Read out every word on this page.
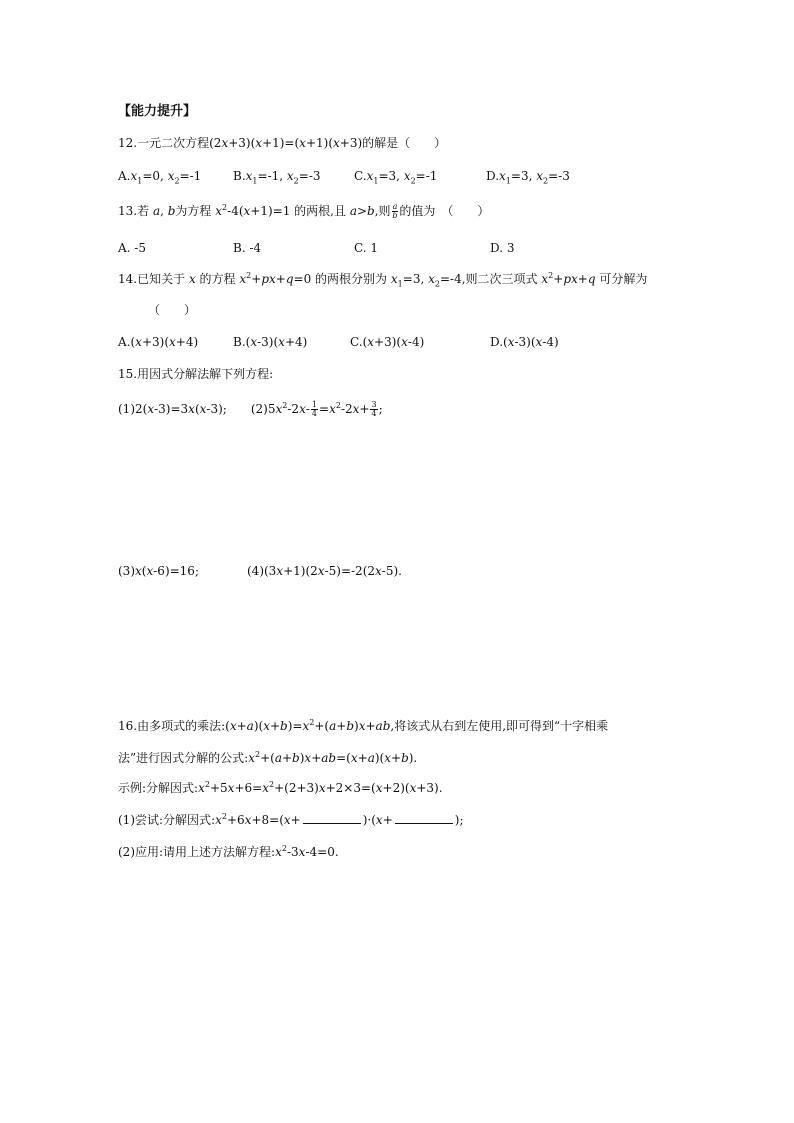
【能力提升】
12.一元二次方程(2x+3)(x+1)=(x+1)(x+3)的解是（　　）
$A.x_1=0$, $x_2=-1$	$B.x_1=-1$, $x_2=-3$	$C.x_1=3$, $x_2=-1$	$D.x_1=3$, $x_2=-3$
13.若 a, b为方程 $x^2-4(x+1)=1$ 的两根,且 a>b,则 $\frac{a}{b}$ 的值为　（　　）
A. -5	B. -4	C. 1	D. 3
14.已知关于 x 的方程 $x^2+px+q=0$ 的两根分别为 $x_1=3$, $x_2=-4$,则二次三项式 $x^2+px+q$ 可分解为
（　　）
A.(x+3)(x+4)	B.(x-3)(x+4)	C.(x+3)(x-4)	D.(x-3)(x-4)
15.用因式分解法解下列方程:
(1)2(x-3)=3x(x-3);　　$(2)5x^2-2x- \frac{1}{4} =x^2-2x+ \frac{3}{4}$ ;
(3)x(x-6)=16;　　　　(4)(3x+1)(2x-5)=-2(2x-5).
16.由多项式的乘法$:(x+a)(x+b)=x^2+(a+b)x+ab$,将该式从右到左使用,即可得到“十字相乘
法”进行因式分解的公式$:x^2+(a+b)x+ab=(x+a)(x+b)$.
示例:分解因式$:x^2+5x+6=x^2+(2+3)x+2\times 3=(x+2)(x+3)$.
(1)尝试:分解因式$:x^2+6x+8=(x+$	)·(x+	);
(2)应用:请用上述方法解方程$:x^2-3x-4=0$.
